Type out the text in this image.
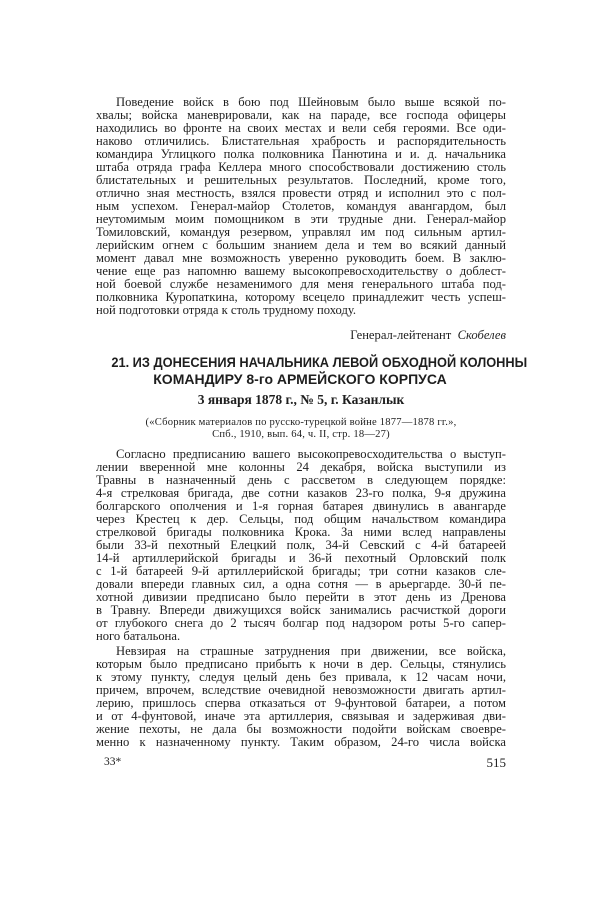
Поведение войск в бою под Шейновым было выше всякой по-
хвалы; войска маневрировали, как на параде, все господа офицеры
находились во фронте на своих местах и вели себя героями. Все оди-
наково отличились. Блистательная храбрость и распорядительность
командира Углицкого полка полковника Панютина и и. д. начальника
штаба отряда графа Келлера много способствовали достижению столь
блистательных и решительных результатов. Последний, кроме того,
отлично зная местность, взялся провести отряд и исполнил это с пол-
ным успехом. Генерал-майор Столетов, командуя авангардом, был
неутомимым моим помощником в эти трудные дни. Генерал-майор
Томиловский, командуя резервом, управлял им под сильным артил-
лерийским огнем с большим знанием дела и тем во всякий данный
момент давал мне возможность уверенно руководить боем. В заклю-
чение еще раз напомню вашему высокопревосходительству о доблест-
ной боевой службе незаменимого для меня генерального штаба под-
полковника Куропаткина, которому всецело принадлежит честь успеш-
ной подготовки отряда к столь трудному походу.
Генерал-лейтенант Скобелев
21. ИЗ ДОНЕСЕНИЯ НАЧАЛЬНИКА ЛЕВОЙ ОБХОДНОЙ КОЛОННЫ
КОМАНДИРУ 8-го АРМЕЙСКОГО КОРПУСА
3 января 1878 г., № 5, г. Казанлык
(«Сборник материалов по русско-турецкой войне 1877—1878 гг.»,
Спб., 1910, вып. 64, ч. II, стр. 18—27)
Согласно предписанию вашего высокопревосходительства о выступ-
лении вверенной мне колонны 24 декабря, войска выступили из
Травны в назначенный день с рассветом в следующем порядке:
4-я стрелковая бригада, две сотни казаков 23-го полка, 9-я дружина
болгарского ополчения и 1-я горная батарея двинулись в авангарде
через Крестец к дер. Сельцы, под общим начальством командира
стрелковой бригады полковника Крока. За ними вслед направлены
были 33-й пехотный Елецкий полк, 34-й Севский с 4-й батареей
14-й артиллерийской бригады и 36-й пехотный Орловский полк
с 1-й батареей 9-й артиллерийской бригады; три сотни казаков сле-
довали впереди главных сил, а одна сотня — в арьергарде. 30-й пе-
хотной дивизии предписано было перейти в этот день из Дренова
в Травну. Впереди движущихся войск занимались расчисткой дороги
от глубокого снега до 2 тысяч болгар под надзором роты 5-го сапер-
ного батальона.
Невзирая на страшные затруднения при движении, все войска,
которым было предписано прибыть к ночи в дер. Сельцы, стянулись
к этому пункту, следуя целый день без привала, к 12 часам ночи,
причем, впрочем, вследствие очевидной невозможности двигать артил-
лерию, пришлось сперва отказаться от 9-фунтовой батареи, а потом
и от 4-фунтовой, иначе эта артиллерия, связывая и задерживая дви-
жение пехоты, не дала бы возможности подойти войскам своевре-
менно к назначенному пункту. Таким образом, 24-го числа войска
33*	515
